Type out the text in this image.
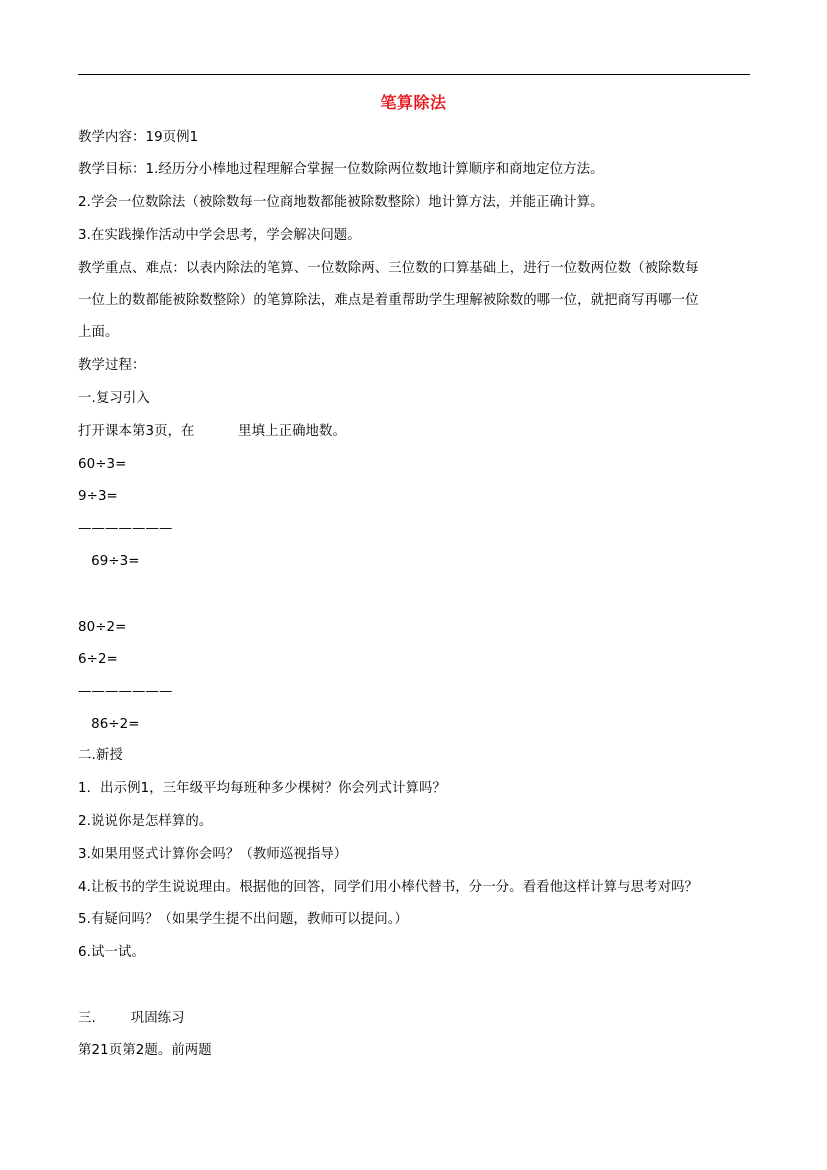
笔算除法
教学内容：19页例1
教学目标：1.经历分小棒地过程理解合掌握一位数除两位数地计算顺序和商地定位方法。
2.学会一位数除法（被除数每一位商地数都能被除数整除）地计算方法，并能正确计算。
3.在实践操作活动中学会思考，学会解决问题。
教学重点、难点：以表内除法的笔算、一位数除两、三位数的口算基础上，进行一位数两位数（被除数每
一位上的数都能被除数整除）的笔算除法，难点是着重帮助学生理解被除数的哪一位，就把商写再哪一位
上面。
教学过程：
一.复习引入
打开课本第3页，在          里填上正确地数。
60÷3=
9÷3=
———————
69÷3=
80÷2=
6÷2=
———————
86÷2=
二.新授
1．出示例1，三年级平均每班种多少棵树？你会列式计算吗？
2.说说你是怎样算的。
3.如果用竖式计算你会吗？（教师巡视指导）
4.让板书的学生说说理由。根据他的回答，同学们用小棒代替书，分一分。看看他这样计算与思考对吗？
5.有疑问吗？（如果学生提不出问题，教师可以提问。）
6.试一试。
三.        巩固练习
第21页第2题。前两题
